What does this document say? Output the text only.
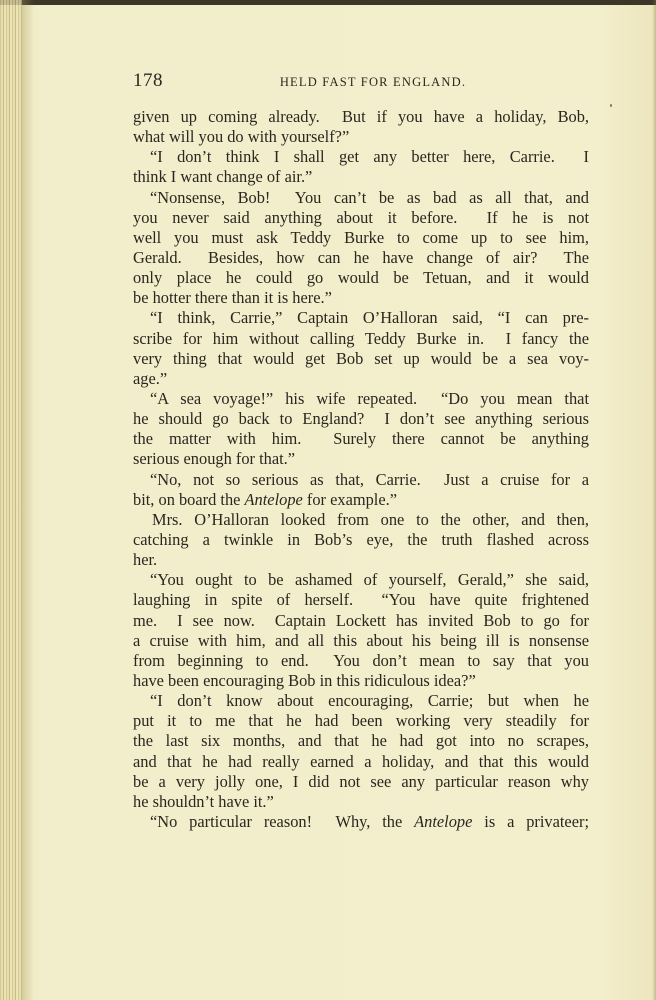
178	HELD FAST FOR ENGLAND.
given up coming already.  But if you have a holiday, Bob,
what will you do with yourself?”
“I don’t think I shall get any better here, Carrie.  I
think I want change of air.”
“Nonsense, Bob!  You can’t be as bad as all that, and
you never said anything about it before.  If he is not
well you must ask Teddy Burke to come up to see him,
Gerald.  Besides, how can he have change of air?  The
only place he could go would be Tetuan, and it would
be hotter there than it is here.”
“I think, Carrie,” Captain O’Halloran said, “I can pre-
scribe for him without calling Teddy Burke in.  I fancy the
very thing that would get Bob set up would be a sea voy-
age.”
“A sea voyage!” his wife repeated.  “Do you mean that
he should go back to England?  I don’t see anything serious
the matter with him.  Surely there cannot be anything
serious enough for that.”
“No, not so serious as that, Carrie.  Just a cruise for a
bit, on board the Antelope for example.”
Mrs. O’Halloran looked from one to the other, and then,
catching a twinkle in Bob’s eye, the truth flashed across
her.
“You ought to be ashamed of yourself, Gerald,” she said,
laughing in spite of herself.  “You have quite frightened
me.  I see now.  Captain Lockett has invited Bob to go for
a cruise with him, and all this about his being ill is nonsense
from beginning to end.  You don’t mean to say that you
have been encouraging Bob in this ridiculous idea?”
“I don’t know about encouraging, Carrie; but when he
put it to me that he had been working very steadily for
the last six months, and that he had got into no scrapes,
and that he had really earned a holiday, and that this would
be a very jolly one, I did not see any particular reason why
he shouldn’t have it.”
“No particular reason!  Why, the Antelope is a privateer;
